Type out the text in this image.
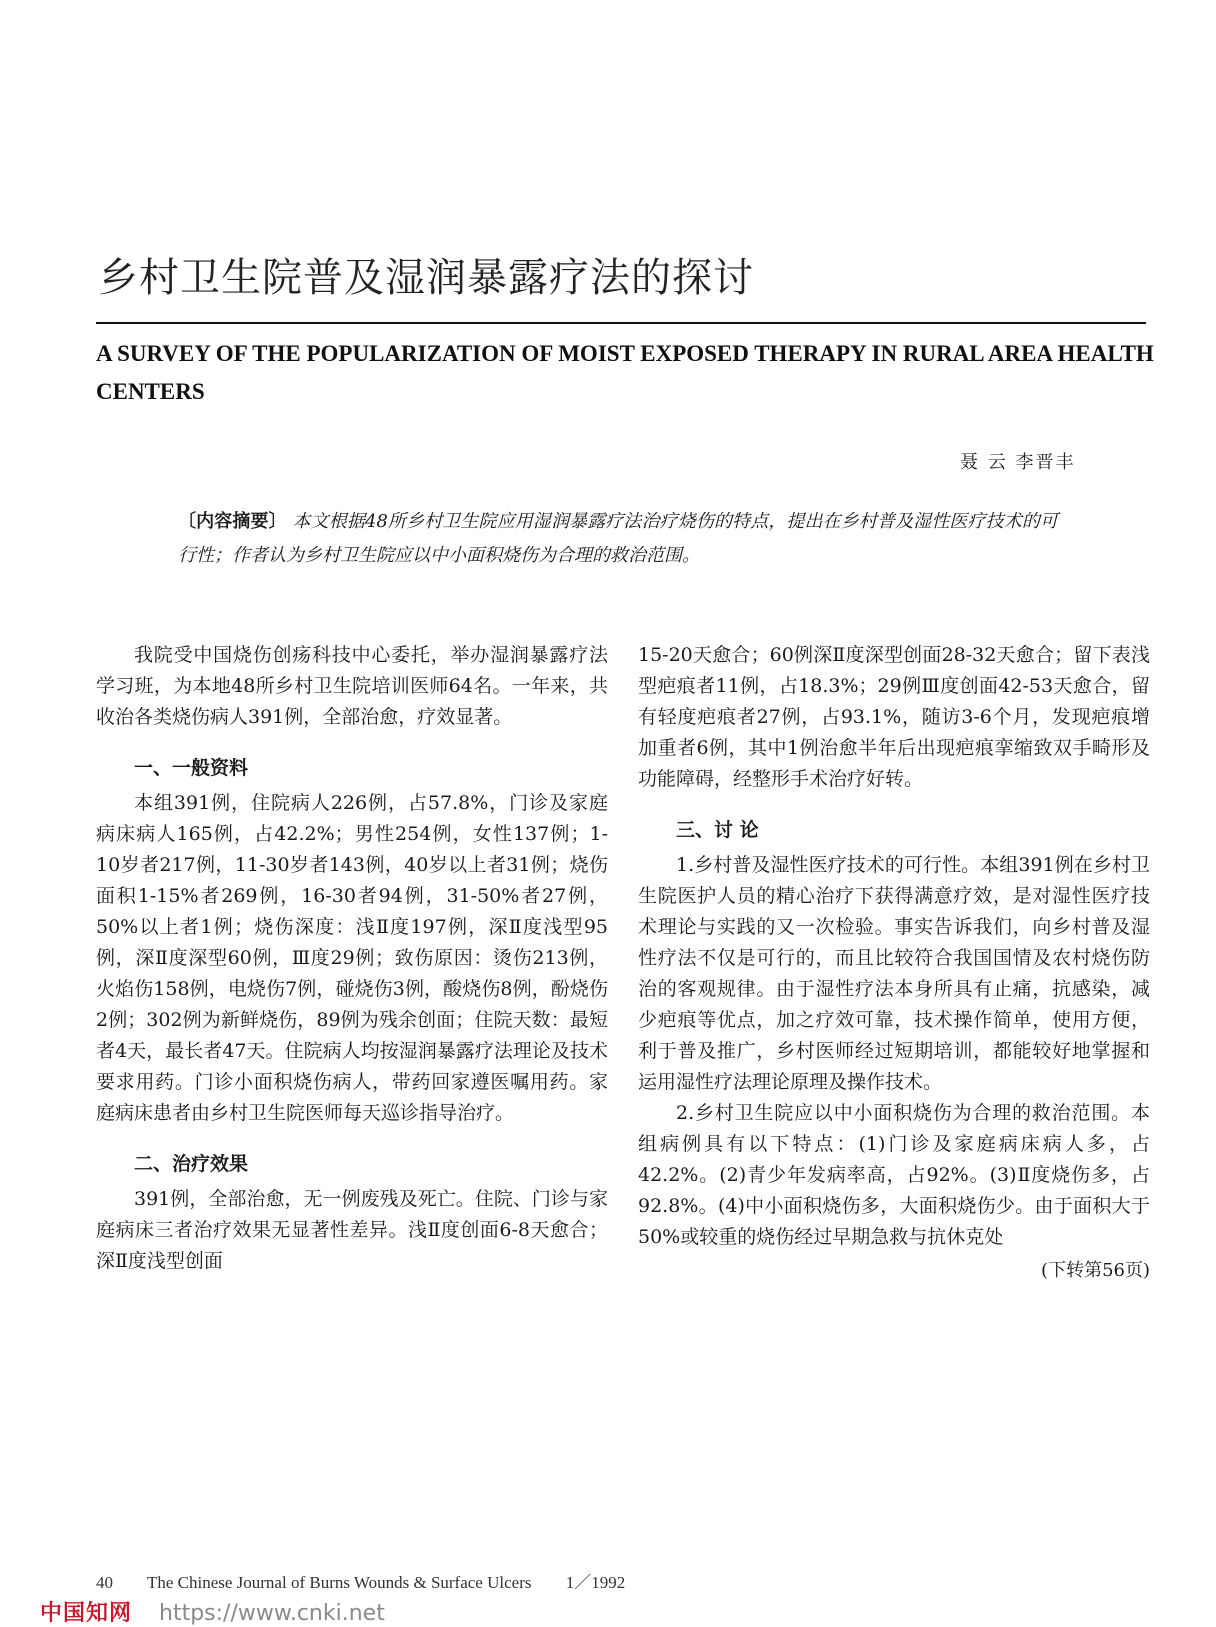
乡村卫生院普及湿润暴露疗法的探讨
A SURVEY OF THE POPULARIZATION OF MOIST EXPOSED THERAPY IN RURAL AREA HEALTH CENTERS
聂 云 李晋丰
〔内容摘要〕 本文根据48所乡村卫生院应用湿润暴露疗法治疗烧伤的特点，提出在乡村普及湿性医疗技术的可行性；作者认为乡村卫生院应以中小面积烧伤为合理的救治范围。

我院受中国烧伤创疡科技中心委托，举办湿润暴露疗法学习班，为本地48所乡村卫生院培训医师64名。一年来，共收治各类烧伤病人391例，全部治愈，疗效显著。

一、一般资料

本组391例，住院病人226例，占57.8%，门诊及家庭病床病人165例，占42.2%；男性254例，女性137例；1-10岁者217例，11-30岁者143例，40岁以上者31例；烧伤面积1-15%者269例，16-30者94例，31-50%者27例，50%以上者1例；烧伤深度：浅Ⅱ度197例，深Ⅱ度浅型95例，深Ⅱ度深型60例，Ⅲ度29例；致伤原因：烫伤213例，火焰伤158例，电烧伤7例，碰烧伤3例，酸烧伤8例，酚烧伤2例；302例为新鲜烧伤，89例为残余创面；住院天数：最短者4天，最长者47天。住院病人均按湿润暴露疗法理论及技术要求用药。门诊小面积烧伤病人，带药回家遵医嘱用药。家庭病床患者由乡村卫生院医师每天巡诊指导治疗。

二、治疗效果

391例，全部治愈，无一例废残及死亡。住院、门诊与家庭病床三者治疗效果无显著性差异。浅Ⅱ度创面6-8天愈合；深Ⅱ度浅型创面

15-20天愈合；60例深Ⅱ度深型创面28-32天愈合；留下表浅型疤痕者11例，占18.3%；29例Ⅲ度创面42-53天愈合，留有轻度疤痕者27例，占93.1%，随访3-6个月，发现疤痕增加重者6例，其中1例治愈半年后出现疤痕挛缩致双手畸形及功能障碍，经整形手术治疗好转。

三、讨 论

1.乡村普及湿性医疗技术的可行性。本组391例在乡村卫生院医护人员的精心治疗下获得满意疗效，是对湿性医疗技术理论与实践的又一次检验。事实告诉我们，向乡村普及湿性疗法不仅是可行的，而且比较符合我国国情及农村烧伤防治的客观规律。由于湿性疗法本身所具有止痛，抗感染，减少疤痕等优点，加之疗效可靠，技术操作简单，使用方便，利于普及推广，乡村医师经过短期培训，都能较好地掌握和运用湿性疗法理论原理及操作技术。

2.乡村卫生院应以中小面积烧伤为合理的救治范围。本组病例具有以下特点：(1)门诊及家庭病床病人多，占42.2%。(2)青少年发病率高，占92%。(3)Ⅱ度烧伤多，占92.8%。(4)中小面积烧伤多，大面积烧伤少。由于面积大于50%或较重的烧伤经过早期急救与抗休克处

(下转第56页)
40 The Chinese Journal of Burns Wounds & Surface Ulcers 1／1992
中国知网 https://www.cnki.net
